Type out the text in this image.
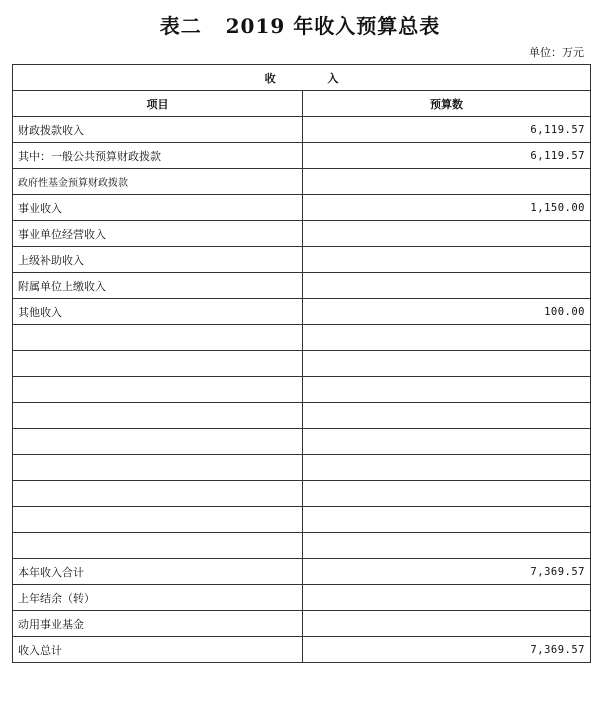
表二   2019 年收入预算总表
单位：万元
收 入	
项目	预算数
财政拨款收入	6,119.57
其中：一般公共预算财政拨款	6,119.57
政府性基金预算财政拨款	
事业收入	1,150.00
事业单位经营收入	
上级补助收入	
附属单位上缴收入	
其他收入	100.00

本年收入合计	7,369.57
上年结余（转）	
动用事业基金	
收入总计	7,369.57
